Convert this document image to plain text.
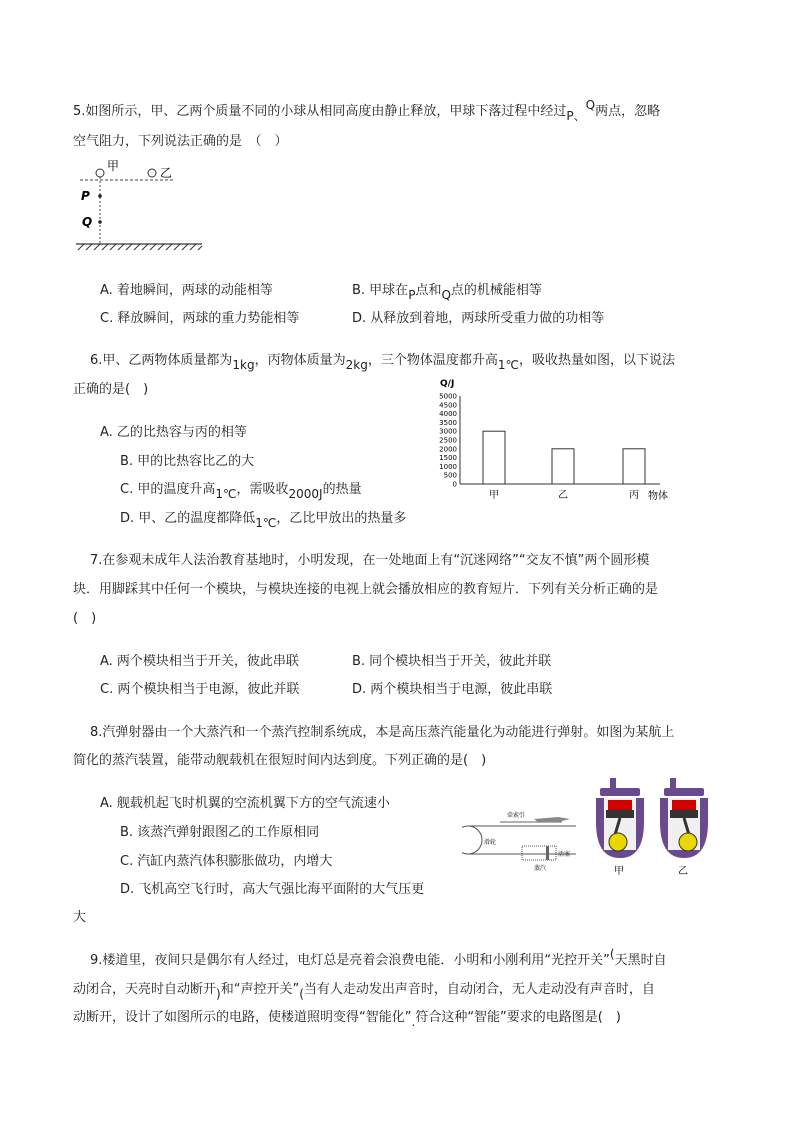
5.如图所示，甲、乙两个质量不同的小球从相同高度由静止释放，甲球下落过程中经过P、Q两点，忽略
空气阻力，下列说法正确的是　（　）
甲	乙
P
Q
A. 着地瞬间，两球的动能相等	B. 甲球在P点和Q点的机械能相等
C. 释放瞬间，两球的重力势能相等	D. 从释放到着地，两球所受重力做的功相等
6.甲、乙两物体质量都为1kg，丙物体质量为2kg，三个物体温度都升高1℃，吸收热量如图，以下说法
正确的是(　)
A. 乙的比热容与丙的相等
B. 甲的比热容比乙的大
C. 甲的温度升高1℃，需吸收2000J的热量
D. 甲、乙的温度都降低1℃，乙比甲放出的热量多
Q/J
0
500
1000
1500
2000
2500
3000
3500
4000
4500
5000
甲	乙	丙 物体
7.在参观未成年人法治教育基地时，小明发现，在一处地面上有“沉迷网络”“交友不慎”两个圆形模
块．用脚踩其中任何一个模块，与模块连接的电视上就会播放相应的教育短片．下列有关分析正确的是
(　)
A. 两个模块相当于开关，彼此串联	B. 同个模块相当于开关，彼此并联
C. 两个模块相当于电源，彼此并联	D. 两个模块相当于电源，彼此串联
8.汽弹射器由一个大蒸汽和一个蒸汽控制系统成，本是高压蒸汽能量化为动能进行弹射。如图为某航上
简化的蒸汽装置，能带动舰载机在很短时间内达到度。下列正确的是(　)
A. 舰载机起飞时机翼的空流机翼下方的空气流速小
B. 该蒸汽弹射跟图乙的工作原相同
C. 汽缸内蒸汽体积膨胀做功，内增大
D. 飞机高空飞行时，高大气强比海平面附的大气压更
大
牵索引
滑轮
活塞
蒸汽	甲	乙
9.楼道里，夜间只是偶尔有人经过，电灯总是亮着会浪费电能．小明和小刚利用“光控开关”(天黑时自
动闭合，天亮时自动断开)和“声控开关”(当有人走动发出声音时，自动闭合，无人走动没有声音时，自
动断开，设计了如图所示的电路，使楼道照明变得“智能化”.符合这种“智能”要求的电路图是(　)
